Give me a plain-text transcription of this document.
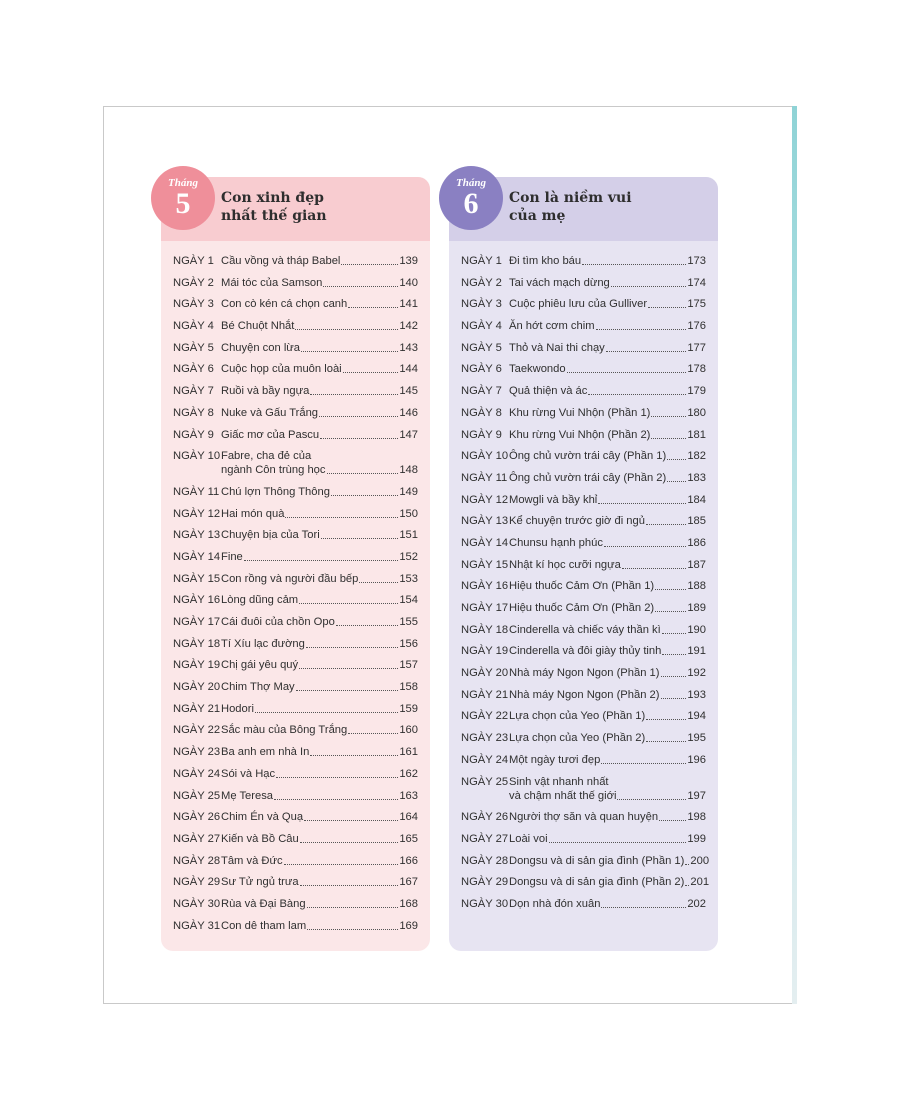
Tháng
5	Con xinh đẹp
nhất thế gian
NGÀY 1 Cầu vồng và tháp Babel	139
NGÀY 2 Mái tóc của Samson	140
NGÀY 3 Con cò kén cá chọn canh	141
NGÀY 4 Bé Chuột Nhắt	142
NGÀY 5 Chuyện con lừa	143
NGÀY 6 Cuộc họp của muôn loài	144
NGÀY 7 Ruồi và bầy ngựa	145
NGÀY 8 Nuke và Gấu Trắng	146
NGÀY 9 Giấc mơ của Pascu	147
NGÀY 10 Fabre, cha đẻ của
ngành Côn trùng học	148
NGÀY 11 Chú lợn Thông Thông	149
NGÀY 12 Hai món quà	150
NGÀY 13 Chuyện bịa của Tori	151
NGÀY 14 Fine	152
NGÀY 15 Con rồng và người đầu bếp	153
NGÀY 16 Lòng dũng cảm	154
NGÀY 17 Cái đuôi của chồn Opo	155
NGÀY 18 Tí Xíu lạc đường	156
NGÀY 19 Chị gái yêu quý	157
NGÀY 20 Chim Thợ May	158
NGÀY 21 Hodori	159
NGÀY 22 Sắc màu của Bông Trắng	160
NGÀY 23 Ba anh em nhà In	161
NGÀY 24 Sói và Hạc	162
NGÀY 25 Mẹ Teresa	163
NGÀY 26 Chim Én và Quạ	164
NGÀY 27 Kiến và Bồ Câu	165
NGÀY 28 Tâm và Đức	166
NGÀY 29 Sư Tử ngủ trưa	167
NGÀY 30 Rùa và Đại Bàng	168
NGÀY 31 Con dê tham lam	169
Tháng
6	Con là niềm vui
của mẹ
NGÀY 1 Đi tìm kho báu	173
NGÀY 2 Tai vách mạch dừng	174
NGÀY 3 Cuộc phiêu lưu của Gulliver	175
NGÀY 4 Ăn hớt cơm chim	176
NGÀY 5 Thỏ và Nai thi chạy	177
NGÀY 6 Taekwondo	178
NGÀY 7 Quả thiện và ác	179
NGÀY 8 Khu rừng Vui Nhộn (Phần 1)	180
NGÀY 9 Khu rừng Vui Nhộn (Phần 2)	181
NGÀY 10 Ông chủ vườn trái cây (Phần 1) 182
NGÀY 11 Ông chủ vườn trái cây (Phần 2) 183
NGÀY 12 Mowgli và bầy khỉ	184
NGÀY 13 Kể chuyện trước giờ đi ngủ	185
NGÀY 14 Chunsu hạnh phúc	186
NGÀY 15 Nhật kí học cưỡi ngựa	187
NGÀY 16 Hiệu thuốc Cảm Ơn (Phần 1)	188
NGÀY 17 Hiệu thuốc Cảm Ơn (Phần 2)	189
NGÀY 18 Cinderella và chiếc váy thần kì 190
NGÀY 19 Cinderella và đôi giày thủy tinh 191
NGÀY 20 Nhà máy Ngon Ngon (Phần 1) 192
NGÀY 21 Nhà máy Ngon Ngon (Phần 2) 193
NGÀY 22 Lựa chọn của Yeo (Phần 1)	194
NGÀY 23 Lựa chọn của Yeo (Phần 2)	195
NGÀY 24 Một ngày tươi đẹp	196
NGÀY 25 Sinh vật nhanh nhất
và chậm nhất thế giới	197
NGÀY 26 Người thợ săn và quan huyện	198
NGÀY 27 Loài voi	199
NGÀY 28 Dongsu và di sản gia đình (Phần 1) 200
NGÀY 29 Dongsu và di sản gia đình (Phần 2) 201
NGÀY 30 Dọn nhà đón xuân	202
